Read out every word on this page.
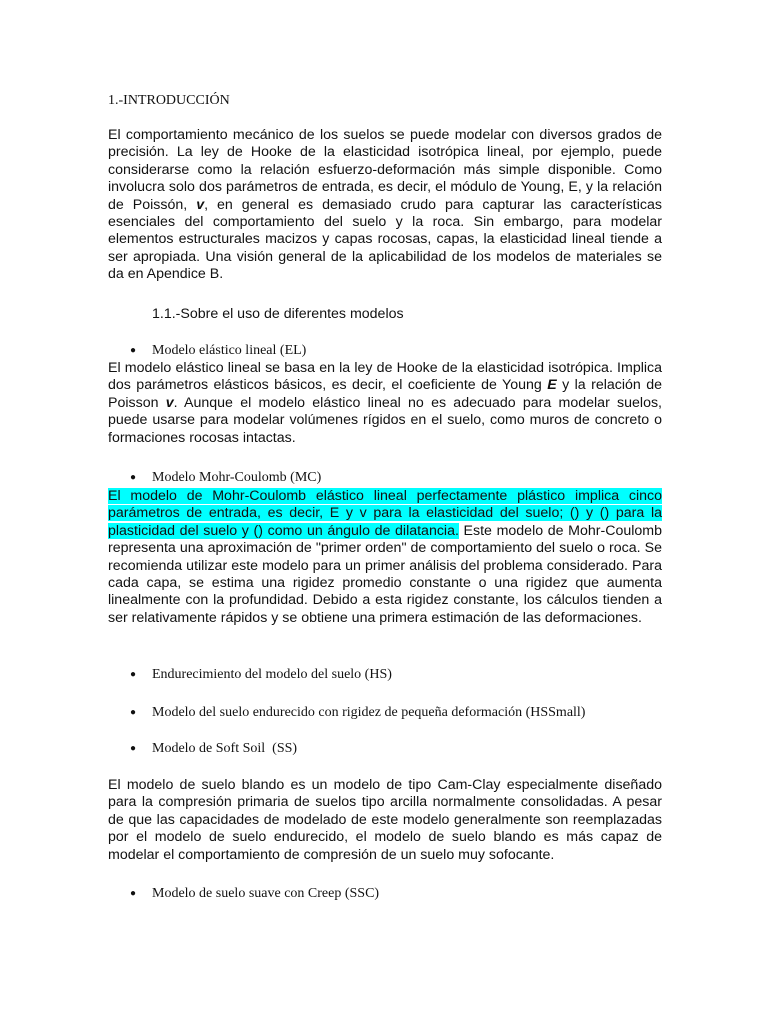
1.-INTRODUCCIÓN

El comportamiento mecánico de los suelos se puede modelar con diversos grados de precisión. La ley de Hooke de la elasticidad isotrópica lineal, por ejemplo, puede considerarse como la relación esfuerzo-deformación más simple disponible. Como involucra solo dos parámetros de entrada, es decir, el módulo de Young, E, y la relación de Poissón, v, en general es demasiado crudo para capturar las características esenciales del comportamiento del suelo y la roca. Sin embargo, para modelar elementos estructurales macizos y capas rocosas, capas, la elasticidad lineal tiende a ser apropiada. Una visión general de la aplicabilidad de los modelos de materiales se da en Apendice B.

1.1.-Sobre el uso de diferentes modelos
● Modelo elástico lineal (EL)

El modelo elástico lineal se basa en la ley de Hooke de la elasticidad isotrópica. Implica dos parámetros elásticos básicos, es decir, el coeficiente de Young E y la relación de Poisson v. Aunque el modelo elástico lineal no es adecuado para modelar suelos, puede usarse para modelar volúmenes rígidos en el suelo, como muros de concreto o formaciones rocosas intactas.

● Modelo Mohr-Coulomb (MC)

El modelo de Mohr-Coulomb elástico lineal perfectamente plástico implica cinco parámetros de entrada, es decir, E y v para la elasticidad del suelo; () y () para la plasticidad del suelo y () como un ángulo de dilatancia. Este modelo de Mohr-Coulomb representa una aproximación de "primer orden" de comportamiento del suelo o roca. Se recomienda utilizar este modelo para un primer análisis del problema considerado. Para cada capa, se estima una rigidez promedio constante o una rigidez que aumenta linealmente con la profundidad. Debido a esta rigidez constante, los cálculos tienden a ser relativamente rápidos y se obtiene una primera estimación de las deformaciones.

● Endurecimiento del modelo del suelo (HS)
● Modelo del suelo endurecido con rigidez de pequeña deformación (HSSmall)
● Modelo de Soft Soil  (SS)

El modelo de suelo blando es un modelo de tipo Cam-Clay especialmente diseñado para la compresión primaria de suelos tipo arcilla normalmente consolidadas. A pesar de que las capacidades de modelado de este modelo generalmente son reemplazadas por el modelo de suelo endurecido, el modelo de suelo blando es más capaz de modelar el comportamiento de compresión de un suelo muy sofocante.

● Modelo de suelo suave con Creep (SSC)
